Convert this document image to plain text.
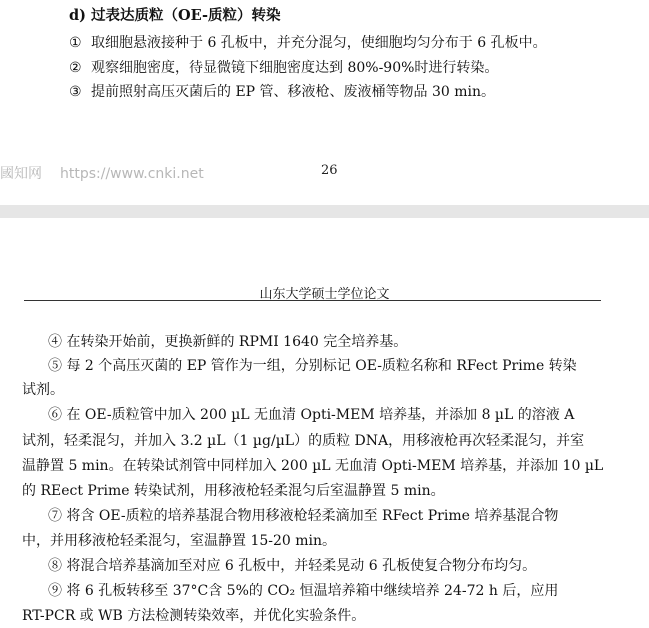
d) 过表达质粒（OE-质粒）转染
① 取细胞悬液接种于 6 孔板中，并充分混匀，使细胞均匀分布于 6 孔板中。
② 观察细胞密度，待显微镜下细胞密度达到 80%-90%时进行转染。
③ 提前照射高压灭菌后的 EP 管、移液枪、废液桶等物品 30 min。
國知网 https://www.cnki.net	26
山东大学硕士学位论文
④ 在转染开始前，更换新鲜的 RPMI 1640 完全培养基。
⑤ 每 2 个高压灭菌的 EP 管作为一组，分别标记 OE-质粒名称和 RFect Prime 转染
试剂。
⑥ 在 OE-质粒管中加入 200 µL 无血清 Opti-MEM 培养基，并添加 8 µL 的溶液 A
试剂，轻柔混匀，并加入 3.2 µL（1 µg/µL）的质粒 DNA，用移液枪再次轻柔混匀，并室
温静置 5 min。在转染试剂管中同样加入 200 µL 无血清 Opti-MEM 培养基，并添加 10 µL
的 REect Prime 转染试剂，用移液枪轻柔混匀后室温静置 5 min。
⑦ 将含 OE-质粒的培养基混合物用移液枪轻柔滴加至 RFect Prime 培养基混合物
中，并用移液枪轻柔混匀，室温静置 15-20 min。
⑧ 将混合培养基滴加至对应 6 孔板中，并轻柔晃动 6 孔板使复合物分布均匀。
⑨ 将 6 孔板转移至 37°C含 5%的 CO₂ 恒温培养箱中继续培养 24-72 h 后，应用
RT-PCR 或 WB 方法检测转染效率，并优化实验条件。
